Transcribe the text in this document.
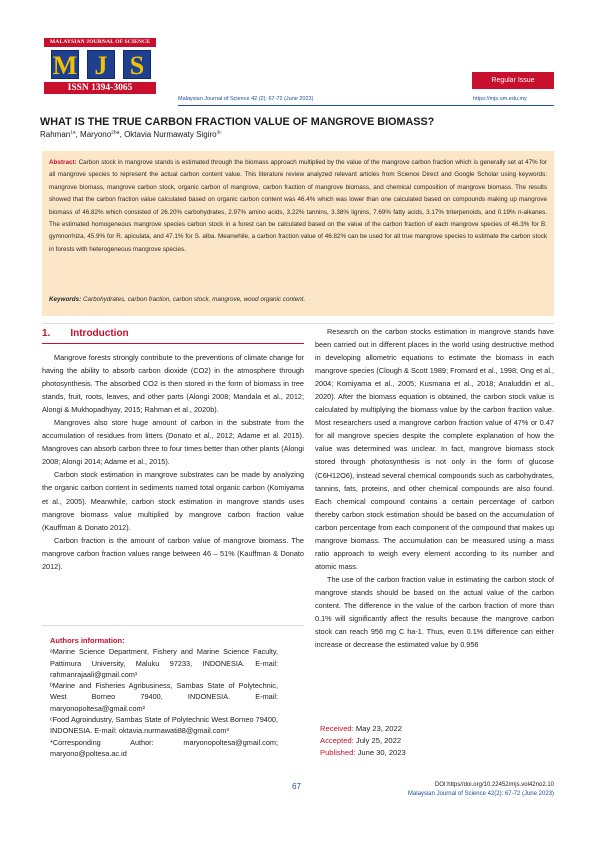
MALAYSIAN JOURNAL OF SCIENCE
M J S
ISSN 1394-3065
Regular Issue
Malaysian Journal of Science 42 (2): 67-72 (June 2023)	https://mjs.um.edu.my
WHAT IS THE TRUE CARBON FRACTION VALUE OF MANGROVE BIOMASS?
Rahman$^{1a}$, Maryono$^{2b}$*, Oktavia Nurmawaty Sigiro$^{3c}$

Abstract: Carbon stock in mangrove stands is estimated through the biomass approach multiplied by the value of the mangrove carbon fraction which is generally set at 47% for all mangrove species to represent the actual carbon content value. This literature review analyzed relevant articles from Science Direct and Google Scholar using keywords: mangrove biomass, mangrove carbon stock, organic carbon of mangrove, carbon fraction of mangrove biomass, and chemical composition of mangrove biomass. The results showed that the carbon fraction value calculated based on organic carbon content was 46.4% which was lower than one calculated based on compounds making up mangrove biomass of 46.82% which consisted of 26.20% carbohydrates, 2.97% amino acids, 3.22% tannins, 3.38% lignins, 7.69% fatty acids, 3.17% triterpenoids, and 0.19% n-alkanes. The estimated homogeneous mangrove species carbon stock in a forest can be calculated based on the value of the carbon fraction of each mangrove species of 46.3% for B. gymnorrhiza, 45.9% for R. apiculata, and 47.1% for S. alba. Meanwhile, a carbon fraction value of 46.82% can be used for all true mangrove species to estimate the carbon stock in forests with heterogeneous mangrove species.

Keywords: Carbohydrates, carbon fraction, carbon stock, mangrove, wood organic content.
1. Introduction

Mangrove forests strongly contribute to the preventions of climate change for having the ability to absorb carbon dioxide (CO2) in the atmosphere through photosynthesis. The absorbed CO2 is then stored in the form of biomass in tree stands, fruit, roots, leaves, and other parts (Alongi 2008; Mandala et al., 2012; Alongi & Mukhopadhyay, 2015; Rahman et al., 2020b).

Mangroves also store huge amount of carbon in the substrate from the accumulation of residues from litters (Donato et al., 2012; Adame et al. 2015). Mangroves can absorb carbon three to four times better than other plants (Alongi 2008; Alongi 2014; Adame et al., 2015).

Carbon stock estimation in mangrove substrates can be made by analyzing the organic carbon content in sediments named total organic carbon (Komiyama et al., 2005). Meanwhile, carbon stock estimation in mangrove stands uses mangrove biomass value multiplied by mangrove carbon fraction value (Kauffman & Donato 2012).

Carbon fraction is the amount of carbon value of mangrove biomass. The mangrove carbon fraction values range between 46 – 51% (Kauffman & Donato 2012).

Authors information:

ᵃMarine Science Department, Fishery and Marine Science Faculty, Pattimura University, Maluku 97233, INDONESIA. E-mail: rahmanrajaali@gmail.com¹

ᵇMarine and Fisheries Agribusiness, Sambas State of Polytechnic, West Borneo 79400, INDONESIA. E-mail: maryonopoltesa@gmail.com²

ᶜFood Agroindustry, Sambas State of Polytechnic West Borneo 79400, INDONESIA. E-mail: oktavia.nurmawati88@gmail.com³

*Corresponding Author: maryonopoltesa@gmail.com; maryono@poltesa.ac.id

Research on the carbon stocks estimation in mangrove stands have been carried out in different places in the world using destructive method in developing allometric equations to estimate the biomass in each mangrove species (Clough & Scott 1989; Fromard et al., 1998; Ong et al., 2004; Komiyama et al., 2005; Kusmana et al., 2018; Analuddin et al., 2020). After the biomass equation is obtained, the carbon stock value is calculated by multiplying the biomass value by the carbon fraction value. Most researchers used a mangrove carbon fraction value of 47% or 0.47 for all mangrove species despite the complete explanation of how the value was determined was unclear. In fact, mangrove biomass stock stored through photosynthesis is not only in the form of glucose (C6H12O6), instead several chemical compounds such as carbohydrates, tannins, fats, proteins, and other chemical compounds are also found. Each chemical compound contains a certain percentage of carbon thereby carbon stock estimation should be based on the accumulation of carbon percentage from each component of the compound that makes up mangrove biomass. The accumulation can be measured using a mass ratio approach to weigh every element according to its number and atomic mass.

The use of the carbon fraction value in estimating the carbon stock of mangrove stands should be based on the actual value of the carbon content. The difference in the value of the carbon fraction of more than 0.1% will significantly affect the results because the mangrove carbon stock can reach 956 mg C ha-1. Thus, even 0.1% difference can either increase or decrease the estimated value by 0.956

Received: May 23, 2022
Accepted: July 25, 2022
Published: June 30, 2023
67	DOI:https//doi.org/10.22452/mjs.vol42no2.10
Malaysian Journal of Science 42(2): 67-72 (June 2023)
